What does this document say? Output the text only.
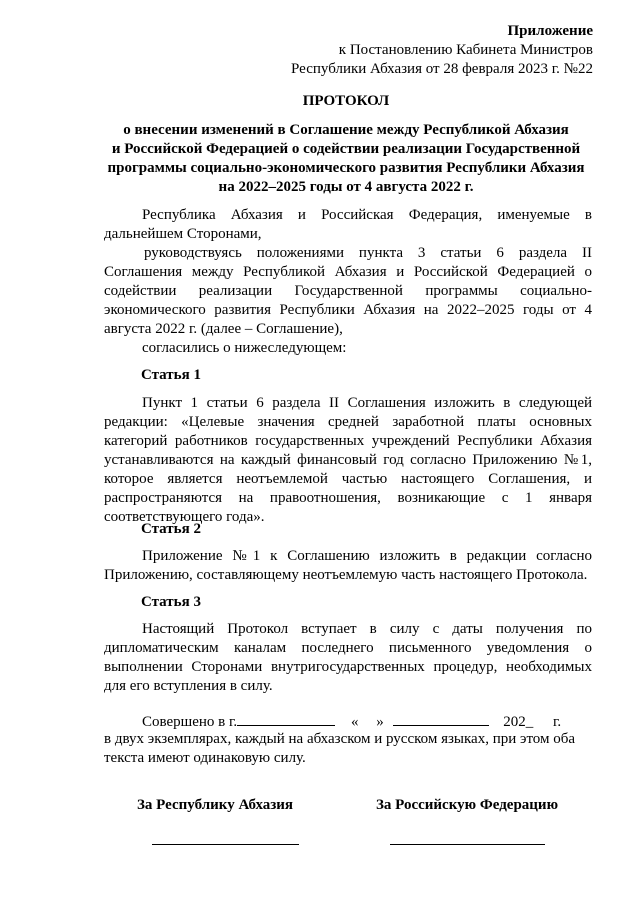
Приложение
к Постановлению Кабинета Министров
Республики Абхазия от 28 февраля 2023 г. №22
ПРОТОКОЛ
о внесении изменений в Соглашение между Республикой Абхазия
и Российской Федерацией о содействии реализации Государственной
программы социально-экономического развития Республики Абхазия
на 2022–2025 годы от 4 августа 2022 г.
Республика Абхазия и Российская Федерация, именуемые в дальнейшем Сторонами,
руководствуясь положениями пункта 3 статьи 6 раздела II Соглашения между Республикой Абхазия и Российской Федерацией о содействии реализации Государственной программы социально-экономического развития Республики Абхазия на 2022–2025 годы от 4 августа 2022 г. (далее – Соглашение),
согласились о нижеследующем:
Статья 1
Пункт 1 статьи 6 раздела II Соглашения изложить в следующей редакции: «Целевые значения средней заработной платы основных категорий работников государственных учреждений Республики Абхазия устанавливаются на каждый финансовый год согласно Приложению №1, которое является неотъемлемой частью настоящего Соглашения, и распространяются на правоотношения, возникающие с 1 января соответствующего года».
Статья 2
Приложение №1 к Соглашению изложить в редакции согласно Приложению, составляющему неотъемлемую часть настоящего Протокола.
Статья 3
Настоящий Протокол вступает в силу с даты получения по дипломатическим каналам последнего письменного уведомления о выполнении Сторонами внутригосударственных процедур, необходимых для его вступления в силу.
Совершено в г.	« »	202_ г.
в двух экземплярах, каждый на абхазском и русском языках, при этом оба текста имеют одинаковую силу.
За Республику Абхазия	За Российскую Федерацию
